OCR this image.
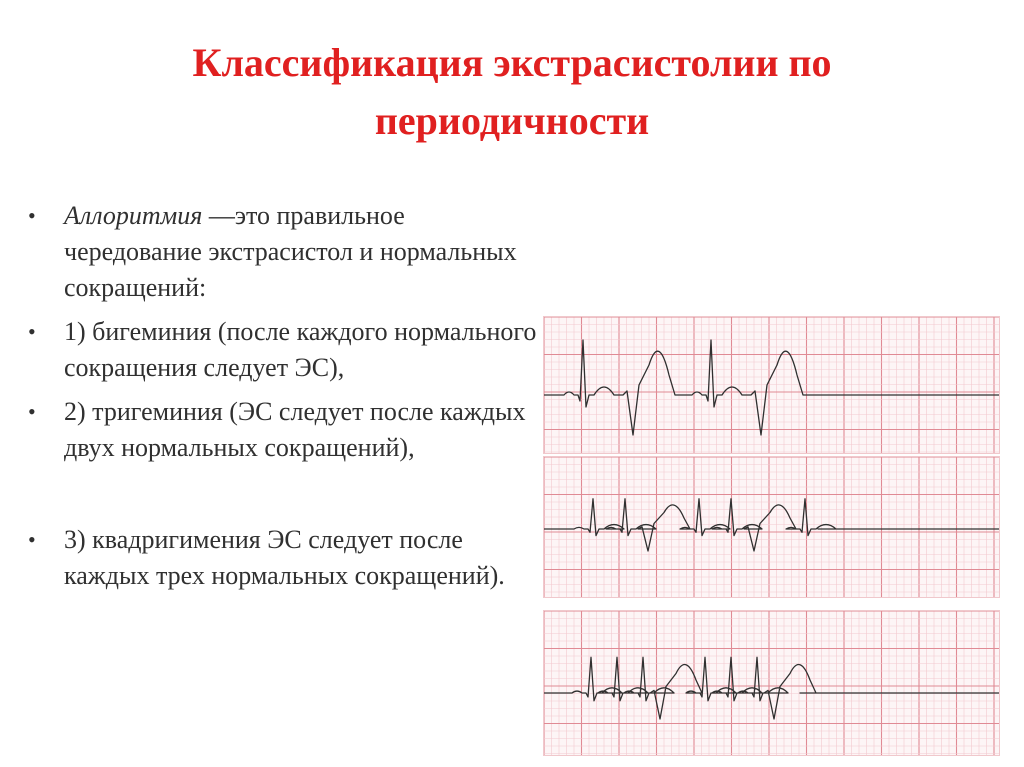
Классификация экстрасистолии по
периодичности
• Аллоритмия —это правильное чередование экстрасистол и нормальных сокращений:
• 1) бигеминия (после каждого нормального сокращения следует ЭС),
• 2) тригеминия (ЭС следует после каждых двух нормальных сокращений),
• 3) квадригимения ЭС следует после каждых трех нормальных сокращений).
